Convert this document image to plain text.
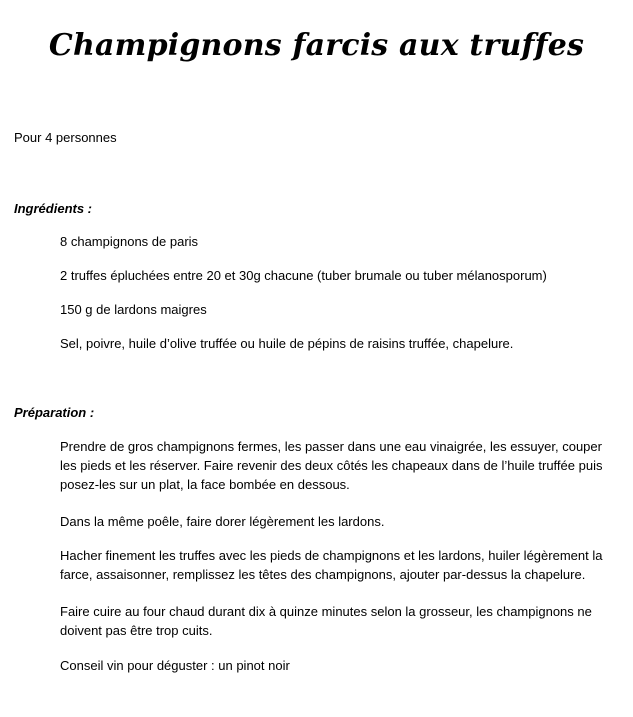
Champignons farcis aux truffes

Pour 4 personnes

Ingrédients :

8 champignons de paris

2 truffes épluchées entre 20 et 30g chacune (tuber brumale ou tuber mélanosporum)

150 g de lardons maigres

Sel, poivre, huile d’olive truffée ou huile de pépins de raisins truffée, chapelure.

Préparation :

Prendre de gros champignons fermes, les passer dans une eau vinaigrée, les essuyer, couper les pieds et les réserver. Faire revenir des deux côtés les chapeaux dans de l’huile truffée puis posez-les sur un plat, la face bombée en dessous.

Dans la même poêle, faire dorer légèrement les lardons.

Hacher finement les truffes avec les pieds de champignons et les lardons, huiler légèrement la farce, assaisonner, remplissez les têtes des champignons, ajouter par-dessus la chapelure.

Faire cuire au four chaud durant dix à quinze minutes selon la grosseur, les champignons ne doivent pas être trop cuits.

Conseil vin pour déguster : un pinot noir
